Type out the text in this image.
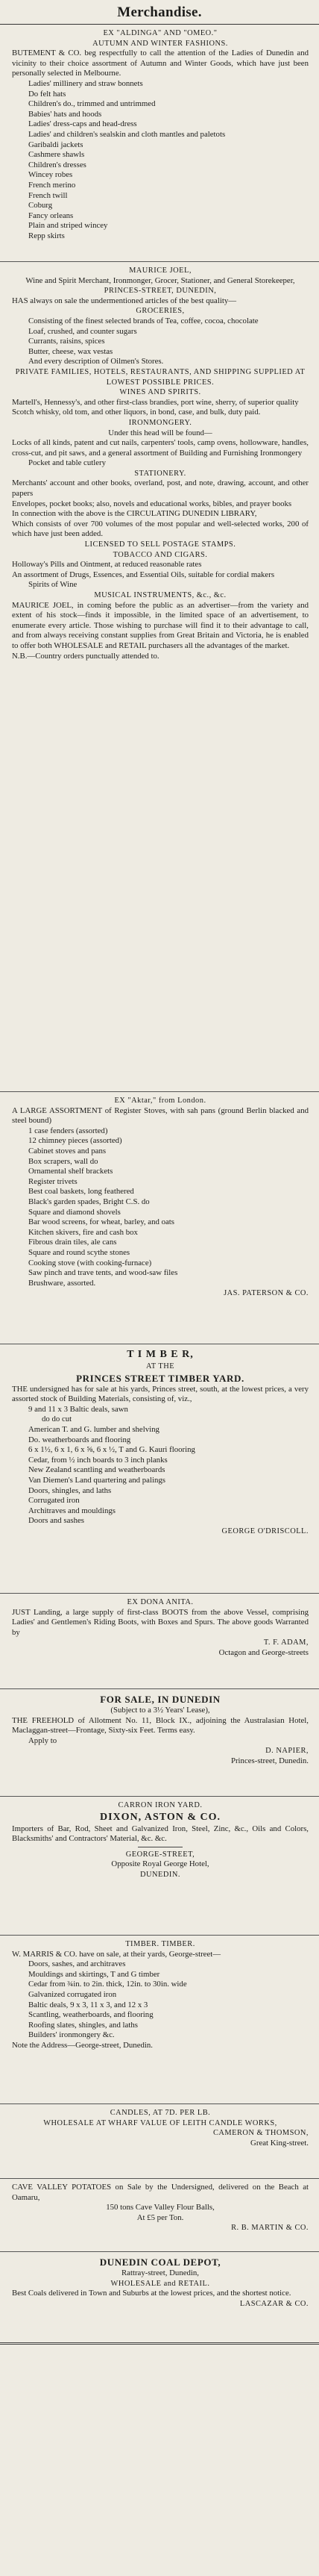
Merchandise.

EX "ALDINGA" AND "OMEO."

AUTUMN AND WINTER FASHIONS.

BUTEMENT & CO. beg respectfully to call the attention of the Ladies of Dunedin and vicinity to their choice assortment of Autumn and Winter Goods, which have just been personally selected in Melbourne.

Ladies' millinery and straw bonnets

Do felt hats

Children's do., trimmed and untrimmed

Babies' hats and hoods

Ladies' dress-caps and head-dress

Ladies' and children's sealskin and cloth mantles and paletots

Garibaldi jackets

Cashmere shawls

Children's dresses

Wincey robes

French merino

French twill

Coburg

Fancy orleans

Plain and striped wincey

Repp skirts

MAURICE JOEL,

Wine and Spirit Merchant, Ironmonger, Grocer, Stationer, and General Storekeeper,

PRINCES-STREET, DUNEDIN,

HAS always on sale the undermentioned articles of the best quality—

GROCERIES,

Consisting of the finest selected brands of Tea, coffee, cocoa, chocolate

Loaf, crushed, and counter sugars

Currants, raisins, spices

Butter, cheese, wax vestas

And every description of Oilmen's Stores.

PRIVATE FAMILIES, HOTELS, RESTAURANTS, AND SHIPPING SUPPLIED AT LOWEST POSSIBLE PRICES.

WINES AND SPIRITS.

Martell's, Hennessy's, and other first-class brandies, port wine, sherry, of superior quality

Scotch whisky, old tom, and other liquors, in bond, case, and bulk, duty paid.

IRONMONGERY.

Under this head will be found—

Locks of all kinds, patent and cut nails, carpenters' tools, camp ovens, hollowware, handles, cross-cut, and pit saws, and a general assortment of Building and Furnishing Ironmongery

Pocket and table cutlery

STATIONERY.

Merchants' account and other books, overland, post, and note, drawing, account, and other papers

Envelopes, pocket books; also, novels and educational works, bibles, and prayer books

In connection with the above is the CIRCULATING DUNEDIN LIBRARY,

Which consists of over 700 volumes of the most popular and well-selected works, 200 of which have just been added.

LICENSED TO SELL POSTAGE STAMPS.

TOBACCO AND CIGARS.

Holloway's Pills and Ointment, at reduced reasonable rates

An assortment of Drugs, Essences, and Essential Oils, suitable for cordial makers

Spirits of Wine

MUSICAL INSTRUMENTS, &c., &c.

MAURICE JOEL, in coming before the public as an advertiser—from the variety and extent of his stock—finds it impossible, in the limited space of an advertisement, to enumerate every article. Those wishing to purchase will find it to their advantage to call, and from always receiving constant supplies from Great Britain and Victoria, he is enabled to offer both WHOLESALE and RETAIL purchasers all the advantages of the market.

N.B.—Country orders punctually attended to.

EX "Aktar," from London.

A LARGE ASSORTMENT of Register Stoves, with sah pans (ground Berlin blacked and steel bound)

1 case fenders (assorted)

12 chimney pieces (assorted)

Cabinet stoves and pans

Box scrapers, wall do

Ornamental shelf brackets

Register trivets

Best coal baskets, long feathered

Black's garden spades, Bright C.S. do

Square and diamond shovels

Bar wood screens, for wheat, barley, and oats

Kitchen skivers, fire and cash box

Fibrous drain tiles, ale cans

Square and round scythe stones

Cooking stove (with cooking-furnace)

Saw pinch and trave tents, and wood-saw files

Brushware, assorted.

JAS. PATERSON & CO.

T I M B E R,

AT THE

PRINCES STREET TIMBER YARD.

THE undersigned has for sale at his yards, Princes street, south, at the lowest prices, a very assorted stock of Building Materials, consisting of, viz.,

9 and 11 x 3 Baltic deals, sawn

do do cut

American T. and G. lumber and shelving

Do. weatherboards and flooring

6 x 1½, 6 x 1, 6 x ⅝, 6 x ½, T and G. Kauri flooring

Cedar, from ½ inch boards to 3 inch planks

New Zealand scantling and weatherboards

Van Diemen's Land quartering and palings

Doors, shingles, and laths

Corrugated iron

Architraves and mouldings

Doors and sashes

GEORGE O'DRISCOLL.

EX DONA ANITA.

JUST Landing, a large supply of first-class BOOTS from the above Vessel, comprising Ladies' and Gentlemen's Riding Boots, with Boxes and Spurs. The above goods Warranted by

T. F. ADAM,

Octagon and George-streets

FOR SALE, IN DUNEDIN

(Subject to a 3½ Years' Lease),

THE FREEHOLD of Allotment No. 11, Block IX., adjoining the Australasian Hotel, Maclaggan-street—Frontage, Sixty-six Feet. Terms easy.

Apply to

D. NAPIER,

Princes-street, Dunedin.

CARRON IRON YARD.

DIXON, ASTON & CO.

Importers of Bar, Rod, Sheet and Galvanized Iron, Steel, Zinc, &c., Oils and Colors, Blacksmiths' and Contractors' Material, &c. &c.

GEORGE-STREET,

Opposite Royal George Hotel,

DUNEDIN.

TIMBER. TIMBER.

W. MARRIS & CO. have on sale, at their yards, George-street—

Doors, sashes, and architraves

Mouldings and skirtings, T and G timber

Cedar from ¾in. to 2in. thick, 12in. to 30in. wide

Galvanized corrugated iron

Baltic deals, 9 x 3, 11 x 3, and 12 x 3

Scantling, weatherboards, and flooring

Roofing slates, shingles, and laths

Builders' ironmongery &c.

Note the Address—George-street, Dunedin.

CANDLES, AT 7D. PER LB.

WHOLESALE AT WHARF VALUE OF LEITH CANDLE WORKS,

CAMERON & THOMSON,

Great King-street.

CAVE VALLEY POTATOES on Sale by the Undersigned, delivered on the Beach at Oamaru,

150 tons Cave Valley Flour Balls,

At £5 per Ton.

R. B. MARTIN & CO.

DUNEDIN COAL DEPOT,

Rattray-street, Dunedin,

WHOLESALE and RETAIL.

Best Coals delivered in Town and Suburbs at the lowest prices, and the shortest notice.

LASCAZAR & CO.
